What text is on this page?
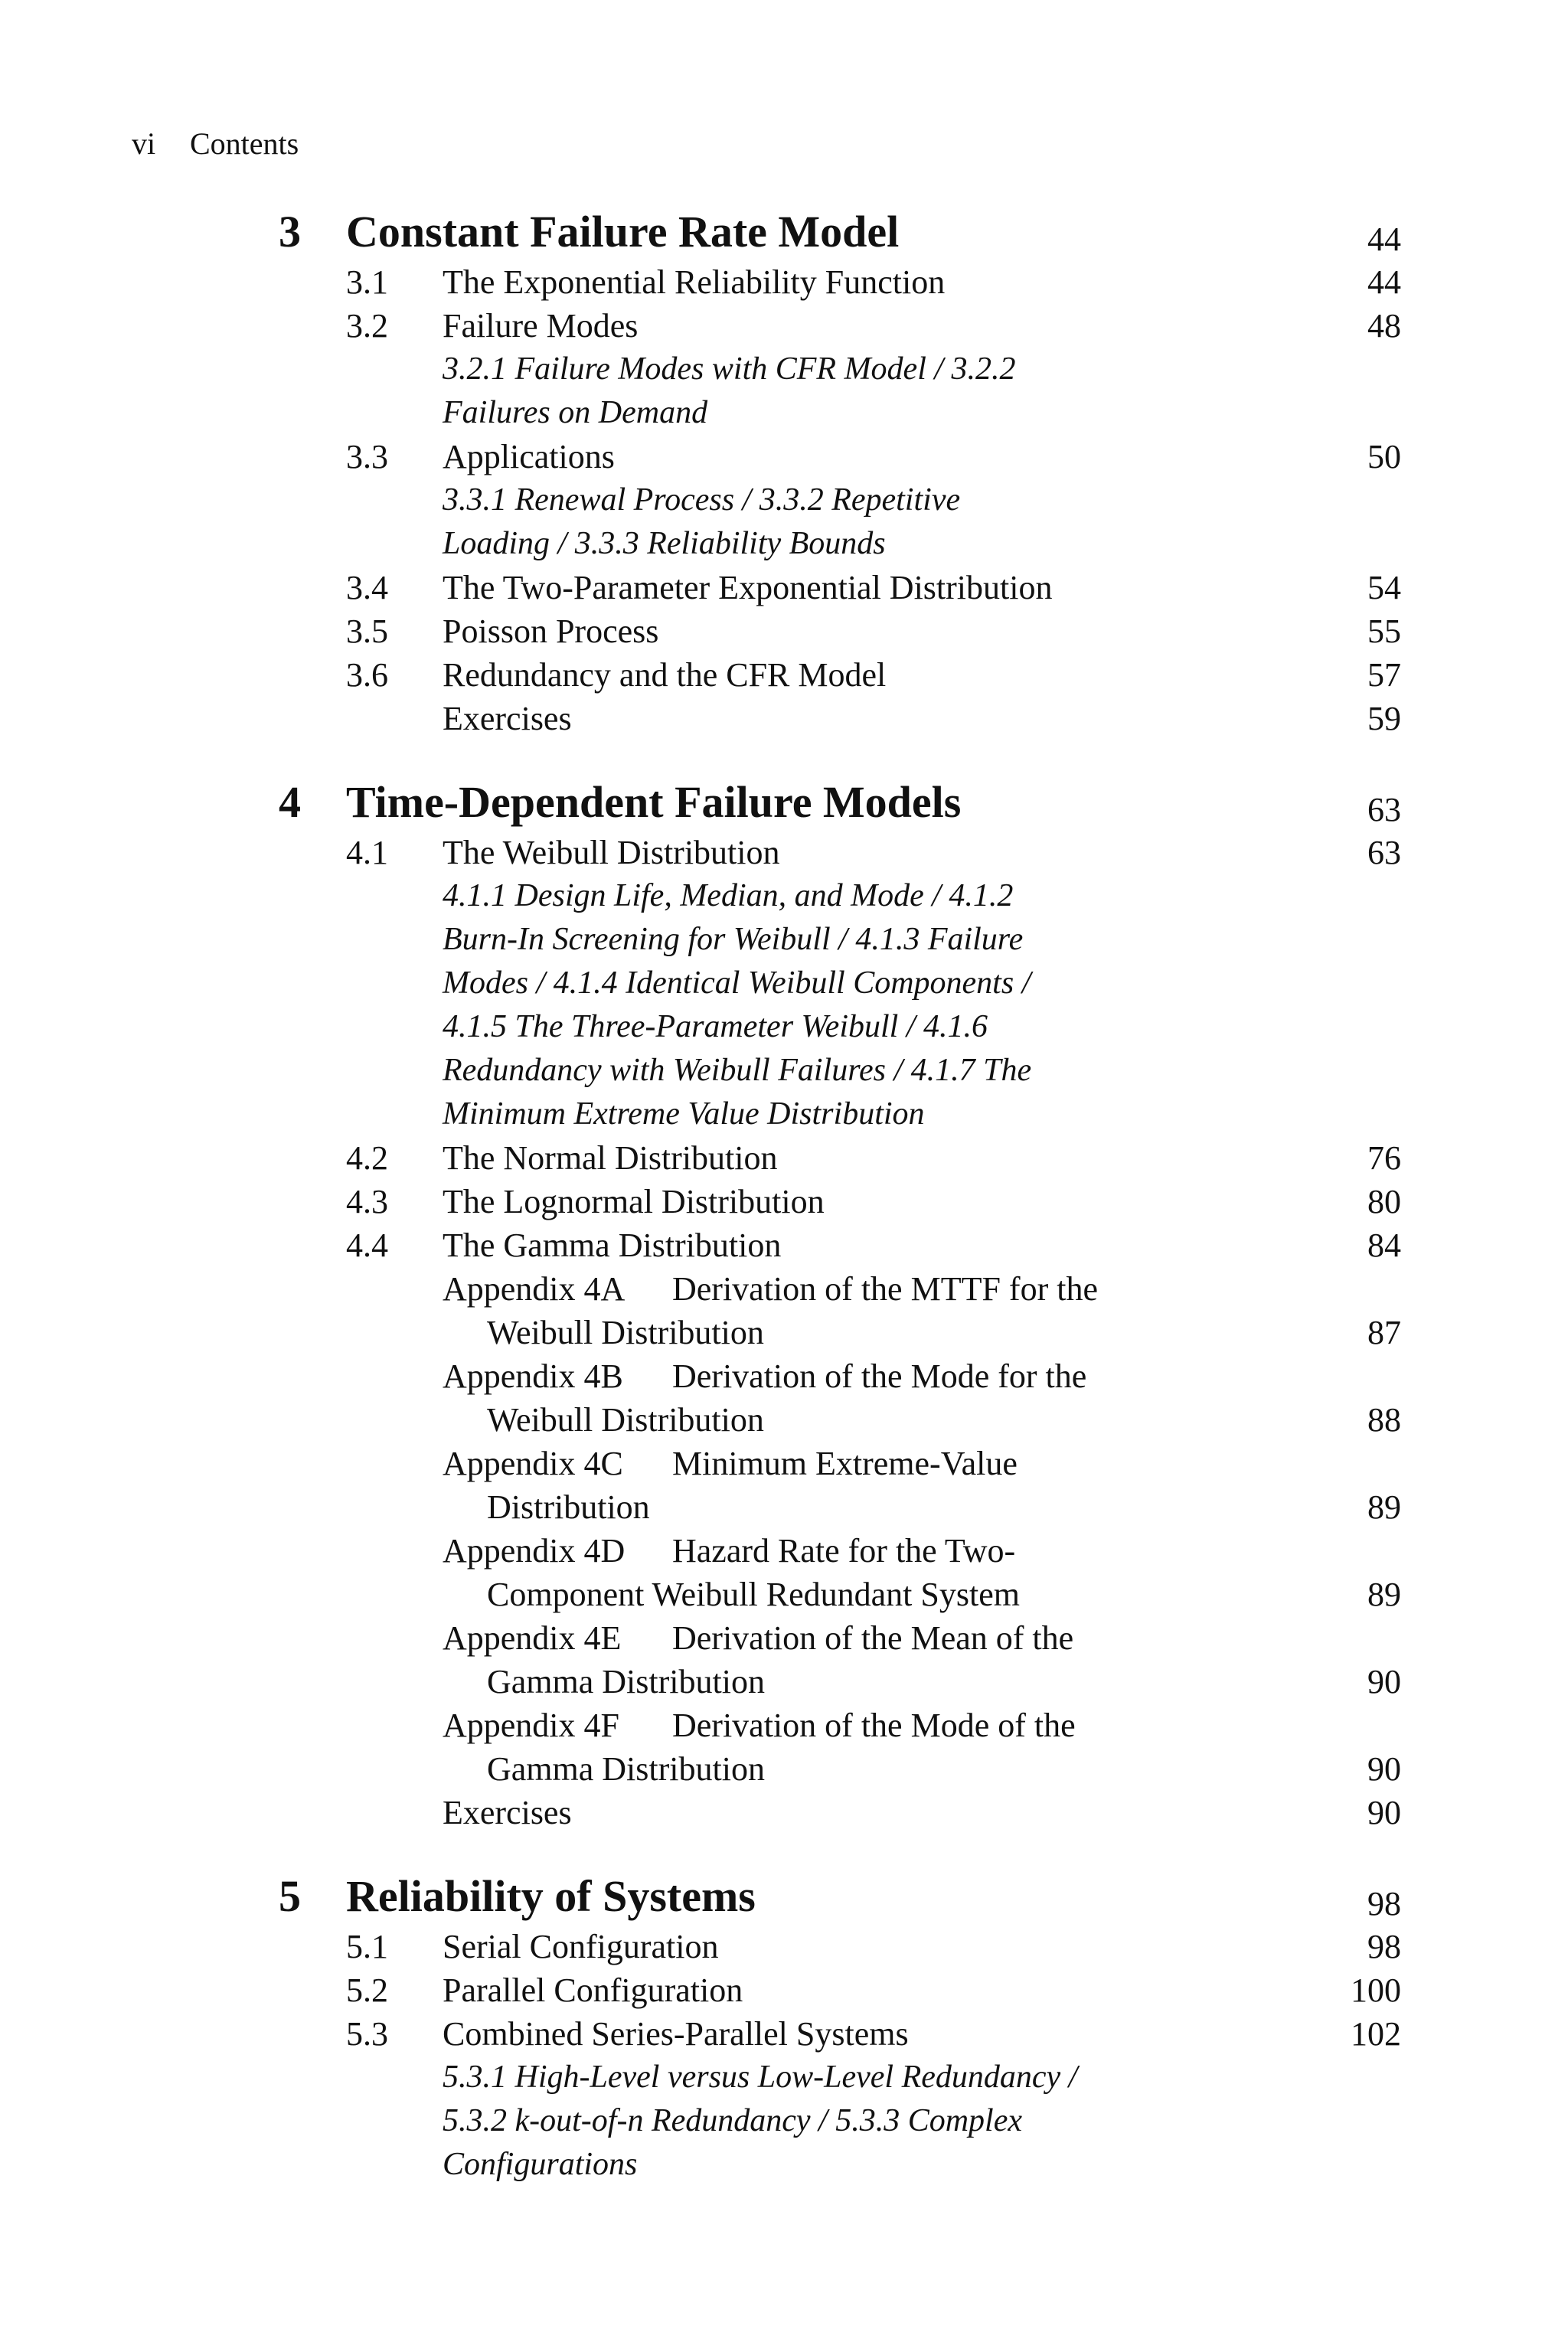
vi Contents
3 Constant Failure Rate Model	44
3.1 The Exponential Reliability Function	44
3.2 Failure Modes	48
3.2.1 Failure Modes with CFR Model / 3.2.2
Failures on Demand
3.3 Applications	50
3.3.1 Renewal Process / 3.3.2 Repetitive
Loading / 3.3.3 Reliability Bounds
3.4 The Two-Parameter Exponential Distribution	54
3.5 Poisson Process	55
3.6 Redundancy and the CFR Model	57
Exercises	59
4 Time-Dependent Failure Models	63
4.1 The Weibull Distribution	63
4.1.1 Design Life, Median, and Mode / 4.1.2
Burn-In Screening for Weibull / 4.1.3 Failure
Modes / 4.1.4 Identical Weibull Components /
4.1.5 The Three-Parameter Weibull / 4.1.6
Redundancy with Weibull Failures / 4.1.7 The
Minimum Extreme Value Distribution
4.2 The Normal Distribution	76
4.3 The Lognormal Distribution	80
4.4 The Gamma Distribution	84
Appendix 4A Derivation of the MTTF for the
Weibull Distribution	87
Appendix 4B Derivation of the Mode for the
Weibull Distribution	88
Appendix 4C Minimum Extreme-Value
Distribution	89
Appendix 4D Hazard Rate for the Two-
Component Weibull Redundant System	89
Appendix 4E Derivation of the Mean of the
Gamma Distribution	90
Appendix 4F Derivation of the Mode of the
Gamma Distribution	90
Exercises	90
5 Reliability of Systems	98
5.1 Serial Configuration	98
5.2 Parallel Configuration	100
5.3 Combined Series-Parallel Systems	102
5.3.1 High-Level versus Low-Level Redundancy /
5.3.2 k-out-of-n Redundancy / 5.3.3 Complex
Configurations
